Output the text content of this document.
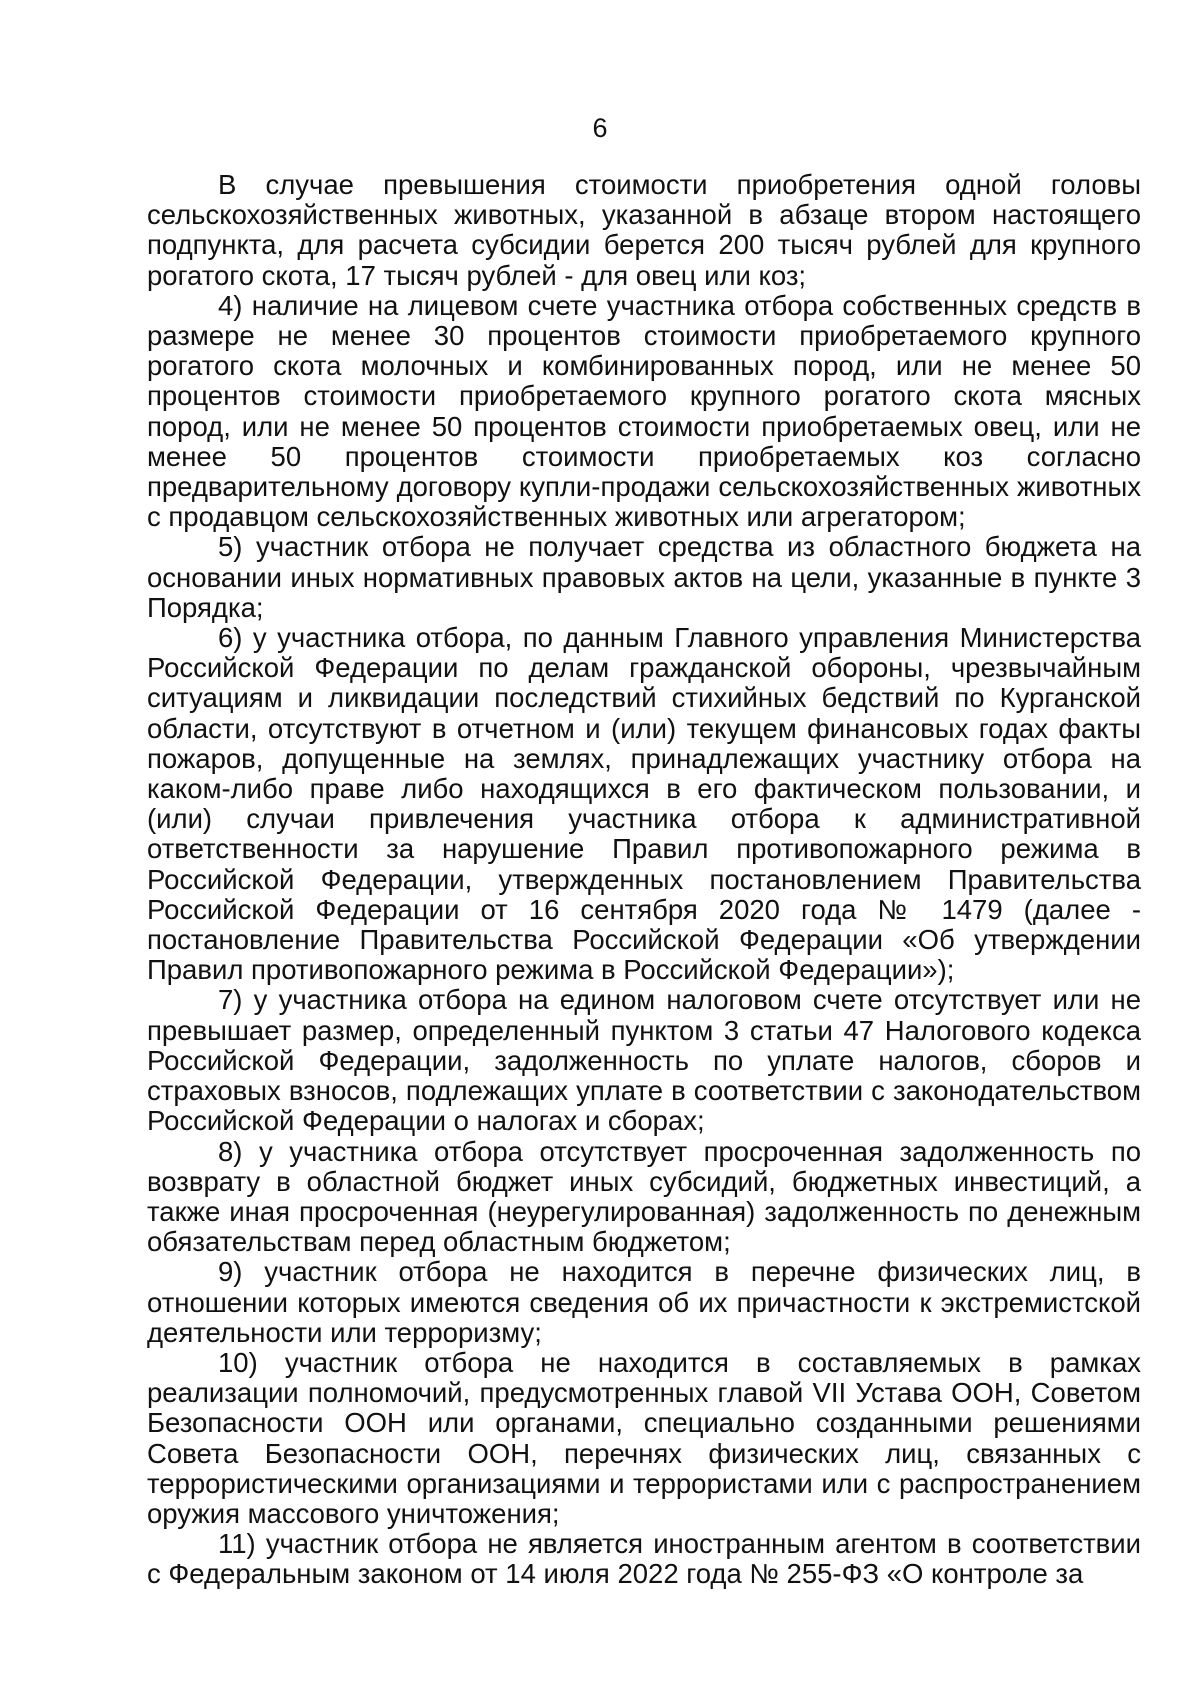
6

В случае превышения стоимости приобретения одной головы сельскохозяйственных животных, указанной в абзаце втором настоящего подпункта, для расчета субсидии берется 200 тысяч рублей для крупного рогатого скота, 17 тысяч рублей - для овец или коз;

4) наличие на лицевом счете участника отбора собственных средств в размере не менее 30 процентов стоимости приобретаемого крупного рогатого скота молочных и комбинированных пород, или не менее 50 процентов стоимости приобретаемого крупного рогатого скота мясных пород, или не менее 50 процентов стоимости приобретаемых овец, или не менее 50 процентов стоимости приобретаемых коз согласно предварительному договору купли-продажи сельскохозяйственных животных с продавцом сельскохозяйственных животных или агрегатором;

5) участник отбора не получает средства из областного бюджета на основании иных нормативных правовых актов на цели, указанные в пункте 3 Порядка;

6) у участника отбора, по данным Главного управления Министерства Российской Федерации по делам гражданской обороны, чрезвычайным ситуациям и ликвидации последствий стихийных бедствий по Курганской области, отсутствуют в отчетном и (или) текущем финансовых годах факты пожаров, допущенные на землях, принадлежащих участнику отбора на каком-либо праве либо находящихся в его фактическом пользовании, и (или) случаи привлечения участника отбора к административной ответственности за нарушение Правил противопожарного режима в Российской Федерации, утвержденных постановлением Правительства Российской Федерации от 16 сентября 2020 года № 1479 (далее - постановление Правительства Российской Федерации «Об утверждении Правил противопожарного режима в Российской Федерации»);

7) у участника отбора на едином налоговом счете отсутствует или не превышает размер, определенный пунктом 3 статьи 47 Налогового кодекса Российской Федерации, задолженность по уплате налогов, сборов и страховых взносов, подлежащих уплате в соответствии с законодательством Российской Федерации о налогах и сборах;

8) у участника отбора отсутствует просроченная задолженность по возврату в областной бюджет иных субсидий, бюджетных инвестиций, а также иная просроченная (неурегулированная) задолженность по денежным обязательствам перед областным бюджетом;

9) участник отбора не находится в перечне физических лиц, в отношении которых имеются сведения об их причастности к экстремистской деятельности или терроризму;

10) участник отбора не находится в составляемых в рамках реализации полномочий, предусмотренных главой VII Устава ООН, Советом Безопасности ООН или органами, специально созданными решениями Совета Безопасности ООН, перечнях физических лиц, связанных с террористическими организациями и террористами или с распространением оружия массового уничтожения;

11) участник отбора не является иностранным агентом в соответствии с Федеральным законом от 14 июля 2022 года № 255-ФЗ «О контроле за
